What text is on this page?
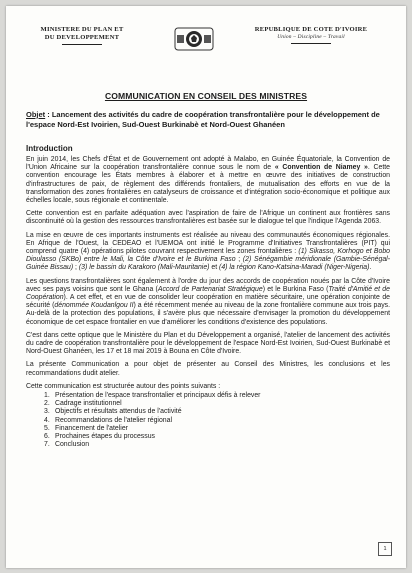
MINISTERE DU PLAN ET
DU DEVELOPPEMENT
REPUBLIQUE DE COTE D'IVOIRE
Union – Discipline – Travail
COMMUNICATION EN CONSEIL DES MINISTRES
Objet : Lancement des activités du cadre de coopération transfrontalière pour le développement de l'espace Nord-Est Ivoirien, Sud-Ouest Burkinabè et Nord-Ouest Ghanéen
Introduction

En juin 2014, les Chefs d'État et de Gouvernement ont adopté à Malabo, en Guinée Équatoriale, la Convention de l'Union Africaine sur la coopération transfrontalière connue sous le nom de « Convention de Niamey ». Cette convention encourage les États membres à élaborer et à mettre en œuvre des initiatives de construction d'infrastructures de paix, de règlement des différends frontaliers, de mutualisation des efforts en vue de la transformation des zones frontalières en catalyseurs de croissance et d'intégration socio-économique et politique aux échelles locale, sous régionale et continentale.

Cette convention est en parfaite adéquation avec l'aspiration de faire de l'Afrique un continent aux frontières sans discontinuité où la gestion des ressources transfrontalières est basée sur le dialogue tel que l'indique l'Agenda 2063.

La mise en œuvre de ces importants instruments est réalisée au niveau des communautés économiques régionales. En Afrique de l'Ouest, la CEDEAO et l'UEMOA ont initié le Programme d'Initiatives Transfrontalières (PIT) qui comprend quatre (4) opérations pilotes couvrant respectivement les zones frontalières : (1) Sikasso, Korhogo et Bobo Dioulasso (SKBo) entre le Mali, la Côte d'Ivoire et le Burkina Faso ; (2) Sénégambie méridionale (Gambie-Sénégal-Guinée Bissau) ; (3) le bassin du Karakoro (Mali-Mauritanie) et (4) la région Kano-Katsina-Maradi (Niger-Nigeria).

Les questions transfrontalières sont également à l'ordre du jour des accords de coopération noués par la Côte d'Ivoire avec ses pays voisins que sont le Ghana (Accord de Partenariat Stratégique) et le Burkina Faso (Traité d'Amitié et de Coopération). A cet effet, et en vue de consolider leur coopération en matière sécuritaire, une opération conjointe de sécurité (dénommée Koudanlgou II) a été récemment menée au niveau de la zone frontalière commune aux trois pays. Au-delà de la protection des populations, il s'avère plus que nécessaire d'envisager la promotion du développement économique de cet espace frontalier en vue d'améliorer les conditions d'existence des populations.

C'est dans cette optique que le Ministère du Plan et du Développement a organisé, l'atelier de lancement des activités du cadre de coopération transfrontalière pour le développement de l'espace Nord-Est Ivoirien, Sud-Ouest Burkinabè et Nord-Ouest Ghanéen, les 17 et 18 mai 2019 à Bouna en Côte d'Ivoire.

La présente Communication a pour objet de présenter au Conseil des Ministres, les conclusions et les recommandations dudit atelier.

Cette communication est structurée autour des points suivants :

1. Présentation de l'espace transfrontalier et principaux défis à relever
2. Cadrage institutionnel
3. Objectifs et résultats attendus de l'activité
4. Recommandations de l'atelier régional
5. Financement de l'atelier
6. Prochaines étapes du processus
7. Conclusion
1
